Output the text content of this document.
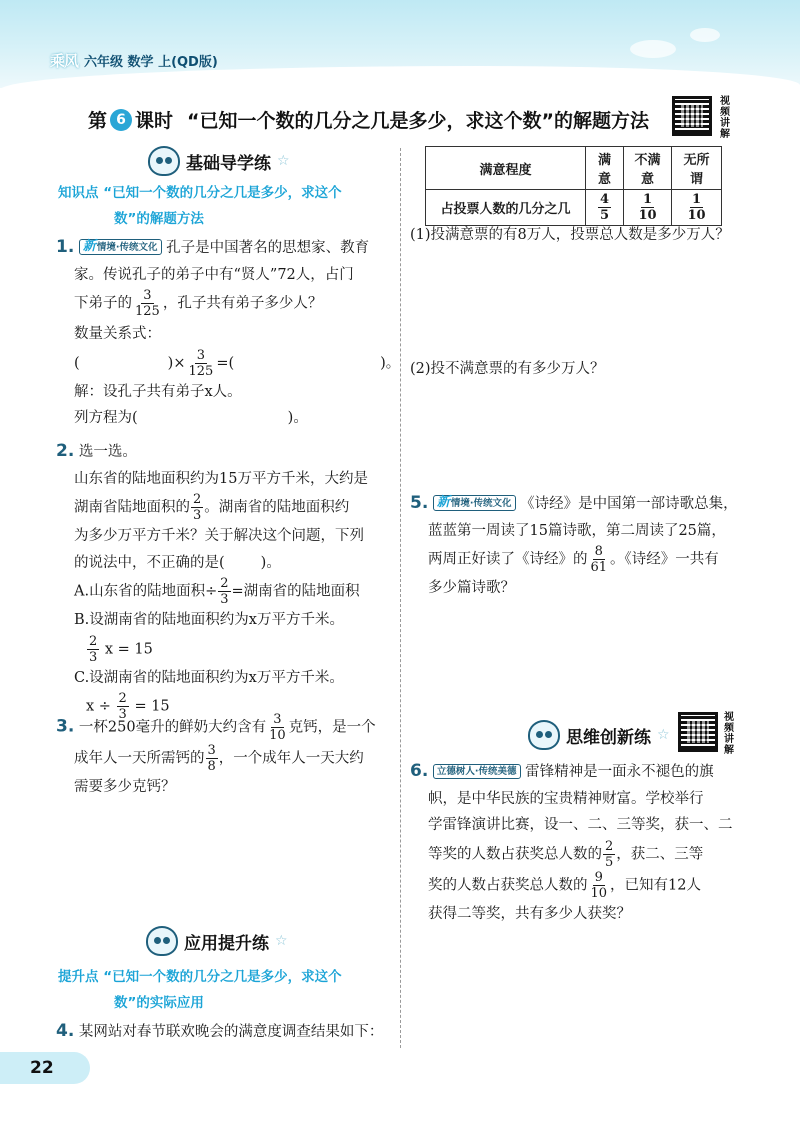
乘风 六年级 数学 上(QD版)
第 6 课时 “已知一个数的几分之几是多少，求这个数”的解题方法
视频讲解
基础导学练 ☆
知识点 “已知一个数的几分之几是多少，求这个
数”的解题方法
1. 新情境·传统文化 孔子是中国著名的思想家、教育
家。传说孔子的弟子中有“贤人”72人，占门
下弟子的 $\frac{3}{125}$ ，孔子共有弟子多少人？
数量关系式：
(	)× $\frac{3}{125}$ =(	)。
解：设孔子共有弟子x人。
列方程为(	)。
2. 选一选。
山东省的陆地面积约为15万平方千米，大约是
湖南省陆地面积的 $\frac{2}{3}$ 。湖南省的陆地面积约
为多少万平方千米？关于解决这个问题，下列
的说法中，不正确的是( )。
A.山东省的陆地面积÷ $\frac{2}{3}$ =湖南省的陆地面积
B.设湖南省的陆地面积约为x万平方千米。
$\frac{2}{3}$ x = 15
C.设湖南省的陆地面积约为x万平方千米。
$x \div \frac{2}{3} = 15$
3. 一杯250毫升的鲜奶大约含有 $\frac{3}{10}$ 克钙，是一个
成年人一天所需钙的 $\frac{3}{8}$ ，一个成年人一天大约
需要多少克钙？
应用提升练 ☆
提升点 “已知一个数的几分之几是多少，求这个
数”的实际应用
4. 某网站对春节联欢晚会的满意度调查结果如下：
满意程度	满意	不满意	无所谓
占投票人数的几分之几	$\frac{4}{5}$	$\frac{1}{10}$	$\frac{1}{10}$
(1)投满意票的有8万人，投票总人数是多少万人？
(2)投不满意票的有多少万人？
5. 新情境·传统文化 《诗经》是中国第一部诗歌总集，
蓝蓝第一周读了15篇诗歌，第二周读了25篇，
两周正好读了《诗经》的 $\frac{8}{61}$ 。《诗经》一共有
多少篇诗歌？
思维创新练 ☆
视频讲解
6. 立德树人·传统美德 雷锋精神是一面永不褪色的旗
帜，是中华民族的宝贵精神财富。学校举行
学雷锋演讲比赛，设一、二、三等奖，获一、二
等奖的人数占获奖总人数的 $\frac{2}{5}$ ，获二、三等
奖的人数占获奖总人数的 $\frac{9}{10}$ ，已知有12人
获得二等奖，共有多少人获奖？
22
